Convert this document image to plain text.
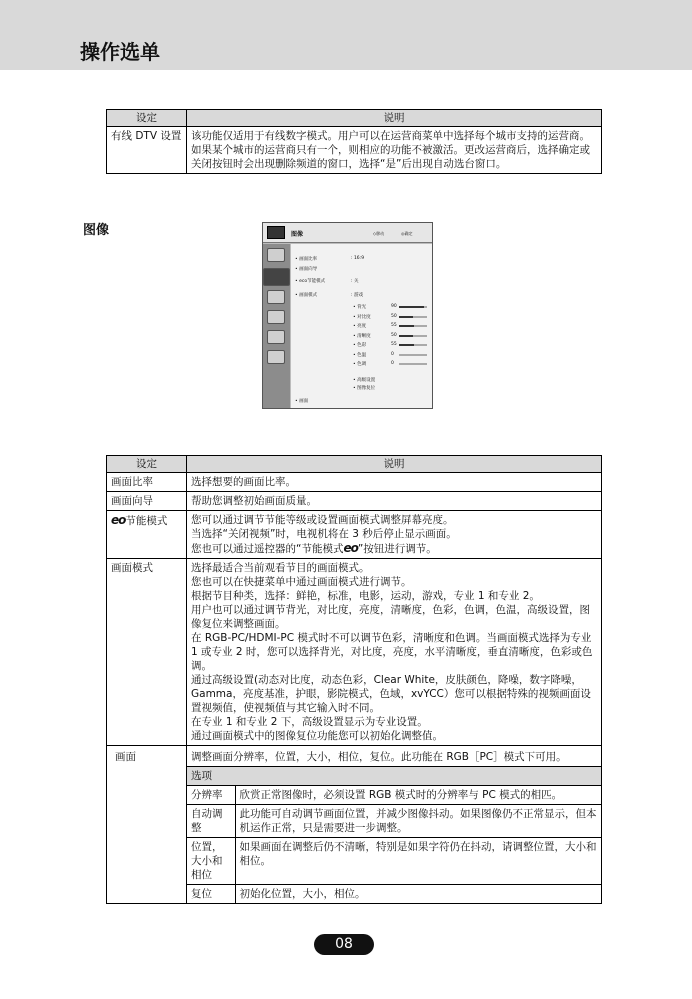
操作选单
设定	说明
有线 DTV 设置	该功能仅适用于有线数字模式。用户可以在运营商菜单中选择每个城市支持的运营商。如果某个城市的运营商只有一个，则相应的功能不被激活。更改运营商后，选择确定或关闭按钮时会出现删除频道的窗口，选择“是”后出现自动选台窗口。
图像	图像	◇移动	◎确定
• 画面比率	: 16:9
• 画面向导
• eco节能模式	: 关
• 画面模式	: 游戏
• 背光	90
• 对比度	50
• 亮度	55
• 清晰度	50
• 色彩	55
• 色温	0
• 色调	0
• 高级设置
• 图像复位
• 画面
设定	说明
画面比率	选择想要的画面比率。
画面向导	帮助您调整初始画面质量。
eo节能模式	您可以通过调节节能等级或设置画面模式调整屏幕亮度。
当选择“关闭视频”时，电视机将在 3 秒后停止显示画面。
您也可以通过遥控器的“节能模式eo”按钮进行调节。

画面模式	选择最适合当前观看节目的画面模式。
您也可以在快捷菜单中通过画面模式进行调节。
根据节目种类，选择：鲜艳，标准，电影，运动，游戏，专业 1 和专业 2。
用户也可以通过调节背光，对比度，亮度，清晰度，色彩，色调，色温，高级设置，图像复位来调整画面。
在 RGB-PC/HDMI-PC 模式时不可以调节色彩，清晰度和色调。当画面模式选择为专业 1 或专业 2 时，您可以选择背光，对比度，亮度，水平清晰度，垂直清晰度，色彩或色调。
通过高级设置(动态对比度，动态色彩，Clear White，皮肤颜色，降噪，数字降噪，Gamma，亮度基准，护眼，影院模式，色域，xvYCC）您可以根据特殊的视频画面设置视频值，使视频值与其它输入时不同。
在专业 1 和专业 2 下，高级设置显示为专业设置。
通过画面模式中的图像复位功能您可以初始化调整值。

画面	调整画面分辨率，位置，大小，相位，复位。此功能在 RGB［PC］模式下可用。
选项
分辨率	欣赏正常图像时，必须设置 RGB 模式时的分辨率与 PC 模式的相匹。
自动调整	此功能可自动调节画面位置，并减少图像抖动。如果图像仍不正常显示，但本机运作正常，只是需要进一步调整。
位置，大小和相位	如果画面在调整后仍不清晰，特别是如果字符仍在抖动，请调整位置，大小和相位。
复位	初始化位置，大小，相位。
08
